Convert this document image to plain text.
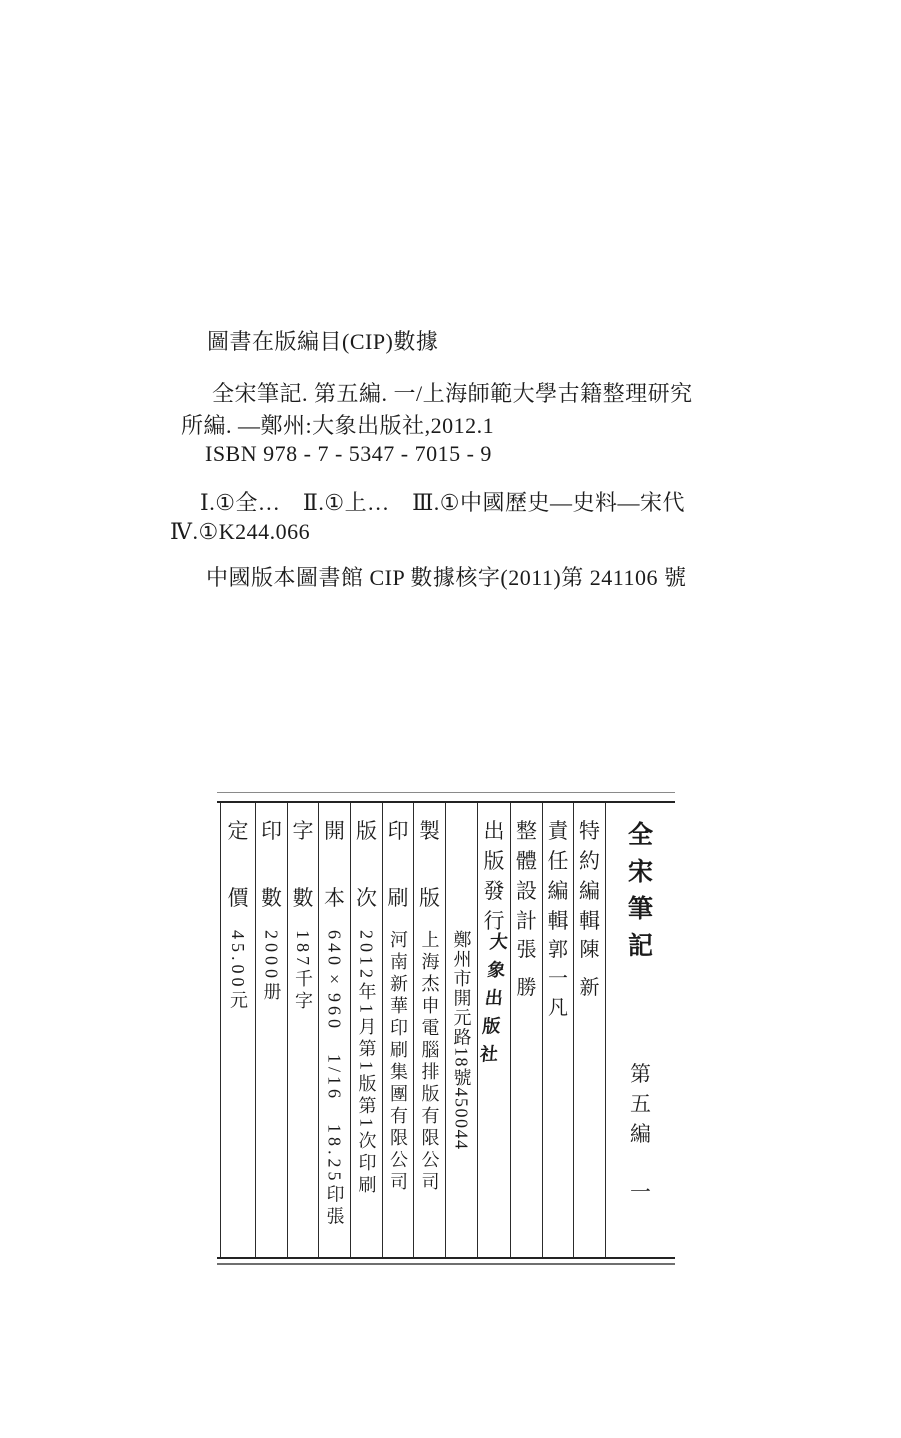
圖書在版編目(CIP)數據

全宋筆記. 第五編. 一/上海師範大學古籍整理研究

所編. —鄭州:大象出版社,2012.1

ISBN 978 - 7 - 5347 - 7015 - 9

Ⅰ.①全…　Ⅱ.①上…　Ⅲ.①中國歷史—史料—宋代

Ⅳ.①K244.066

中國版本圖書館 CIP 數據核字(2011)第 241106 號

全
宋
筆
記
第
五
編
一
特
約
編
輯
陳
新
責
任
編
輯
郭
一
凡
整
體
設
計
張
勝
出
版
發
行
大
象
出
版
社
鄭州市開元路18號450044
製
版
上海杰申電腦排版有限公司
印
刷
河南新華印刷集團有限公司
版
次
2012年1月第1版第1次印刷
開
本
640×960　1/16　18.25印張
字
數
187千字
印
數
2000册
定
價
45.00元
